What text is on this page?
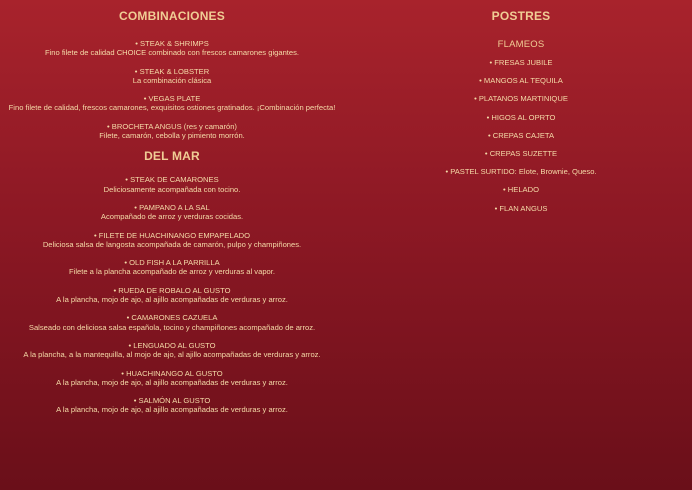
COMBINACIONES
• STEAK & SHRIMPS
Fino filete de calidad CHOICE combinado con frescos camarones gigantes.
• STEAK & LOBSTER
La combinación clásica
• VEGAS PLATE
Fino filete de calidad, frescos camarones, exquisitos ostiones gratinados. ¡Combinación perfecta!
• BROCHETA ANGUS (res y camarón)
Filete, camarón, cebolla y pimiento morrón.
DEL MAR
• STEAK DE CAMARONES
Deliciosamente acompañada con tocino.
• PAMPANO A LA SAL
Acompañado de arroz y verduras cocidas.
• FILETE DE HUACHINANGO EMPAPELADO
Deliciosa salsa de langosta acompañada de camarón, pulpo y champiñones.
• OLD FISH A LA PARRILLA
Filete a la plancha acompañado de arroz y verduras al vapor.
• RUEDA DE ROBALO AL GUSTO
A la plancha, mojo de ajo, al ajillo acompañadas de verduras y arroz.
• CAMARONES CAZUELA
Salseado con deliciosa salsa española, tocino y champiñones acompañado de arroz.
• LENGUADO AL GUSTO
A la plancha, a la mantequilla, al mojo de ajo, al ajillo acompañadas de verduras y arroz.
• HUACHINANGO AL GUSTO
A la plancha, mojo de ajo, al ajillo acompañadas de verduras y arroz.
• SALMÓN AL GUSTO
A la plancha, mojo de ajo, al ajillo acompañadas de verduras y arroz.
POSTRES
FLAMEOS
• FRESAS JUBILE
• MANGOS AL TEQUILA
• PLATANOS MARTINIQUE
• HIGOS AL OPRTO
• CREPAS CAJETA
• CREPAS SUZETTE
• PASTEL SURTIDO: Elote, Brownie, Queso.
• HELADO
• FLAN ANGUS
